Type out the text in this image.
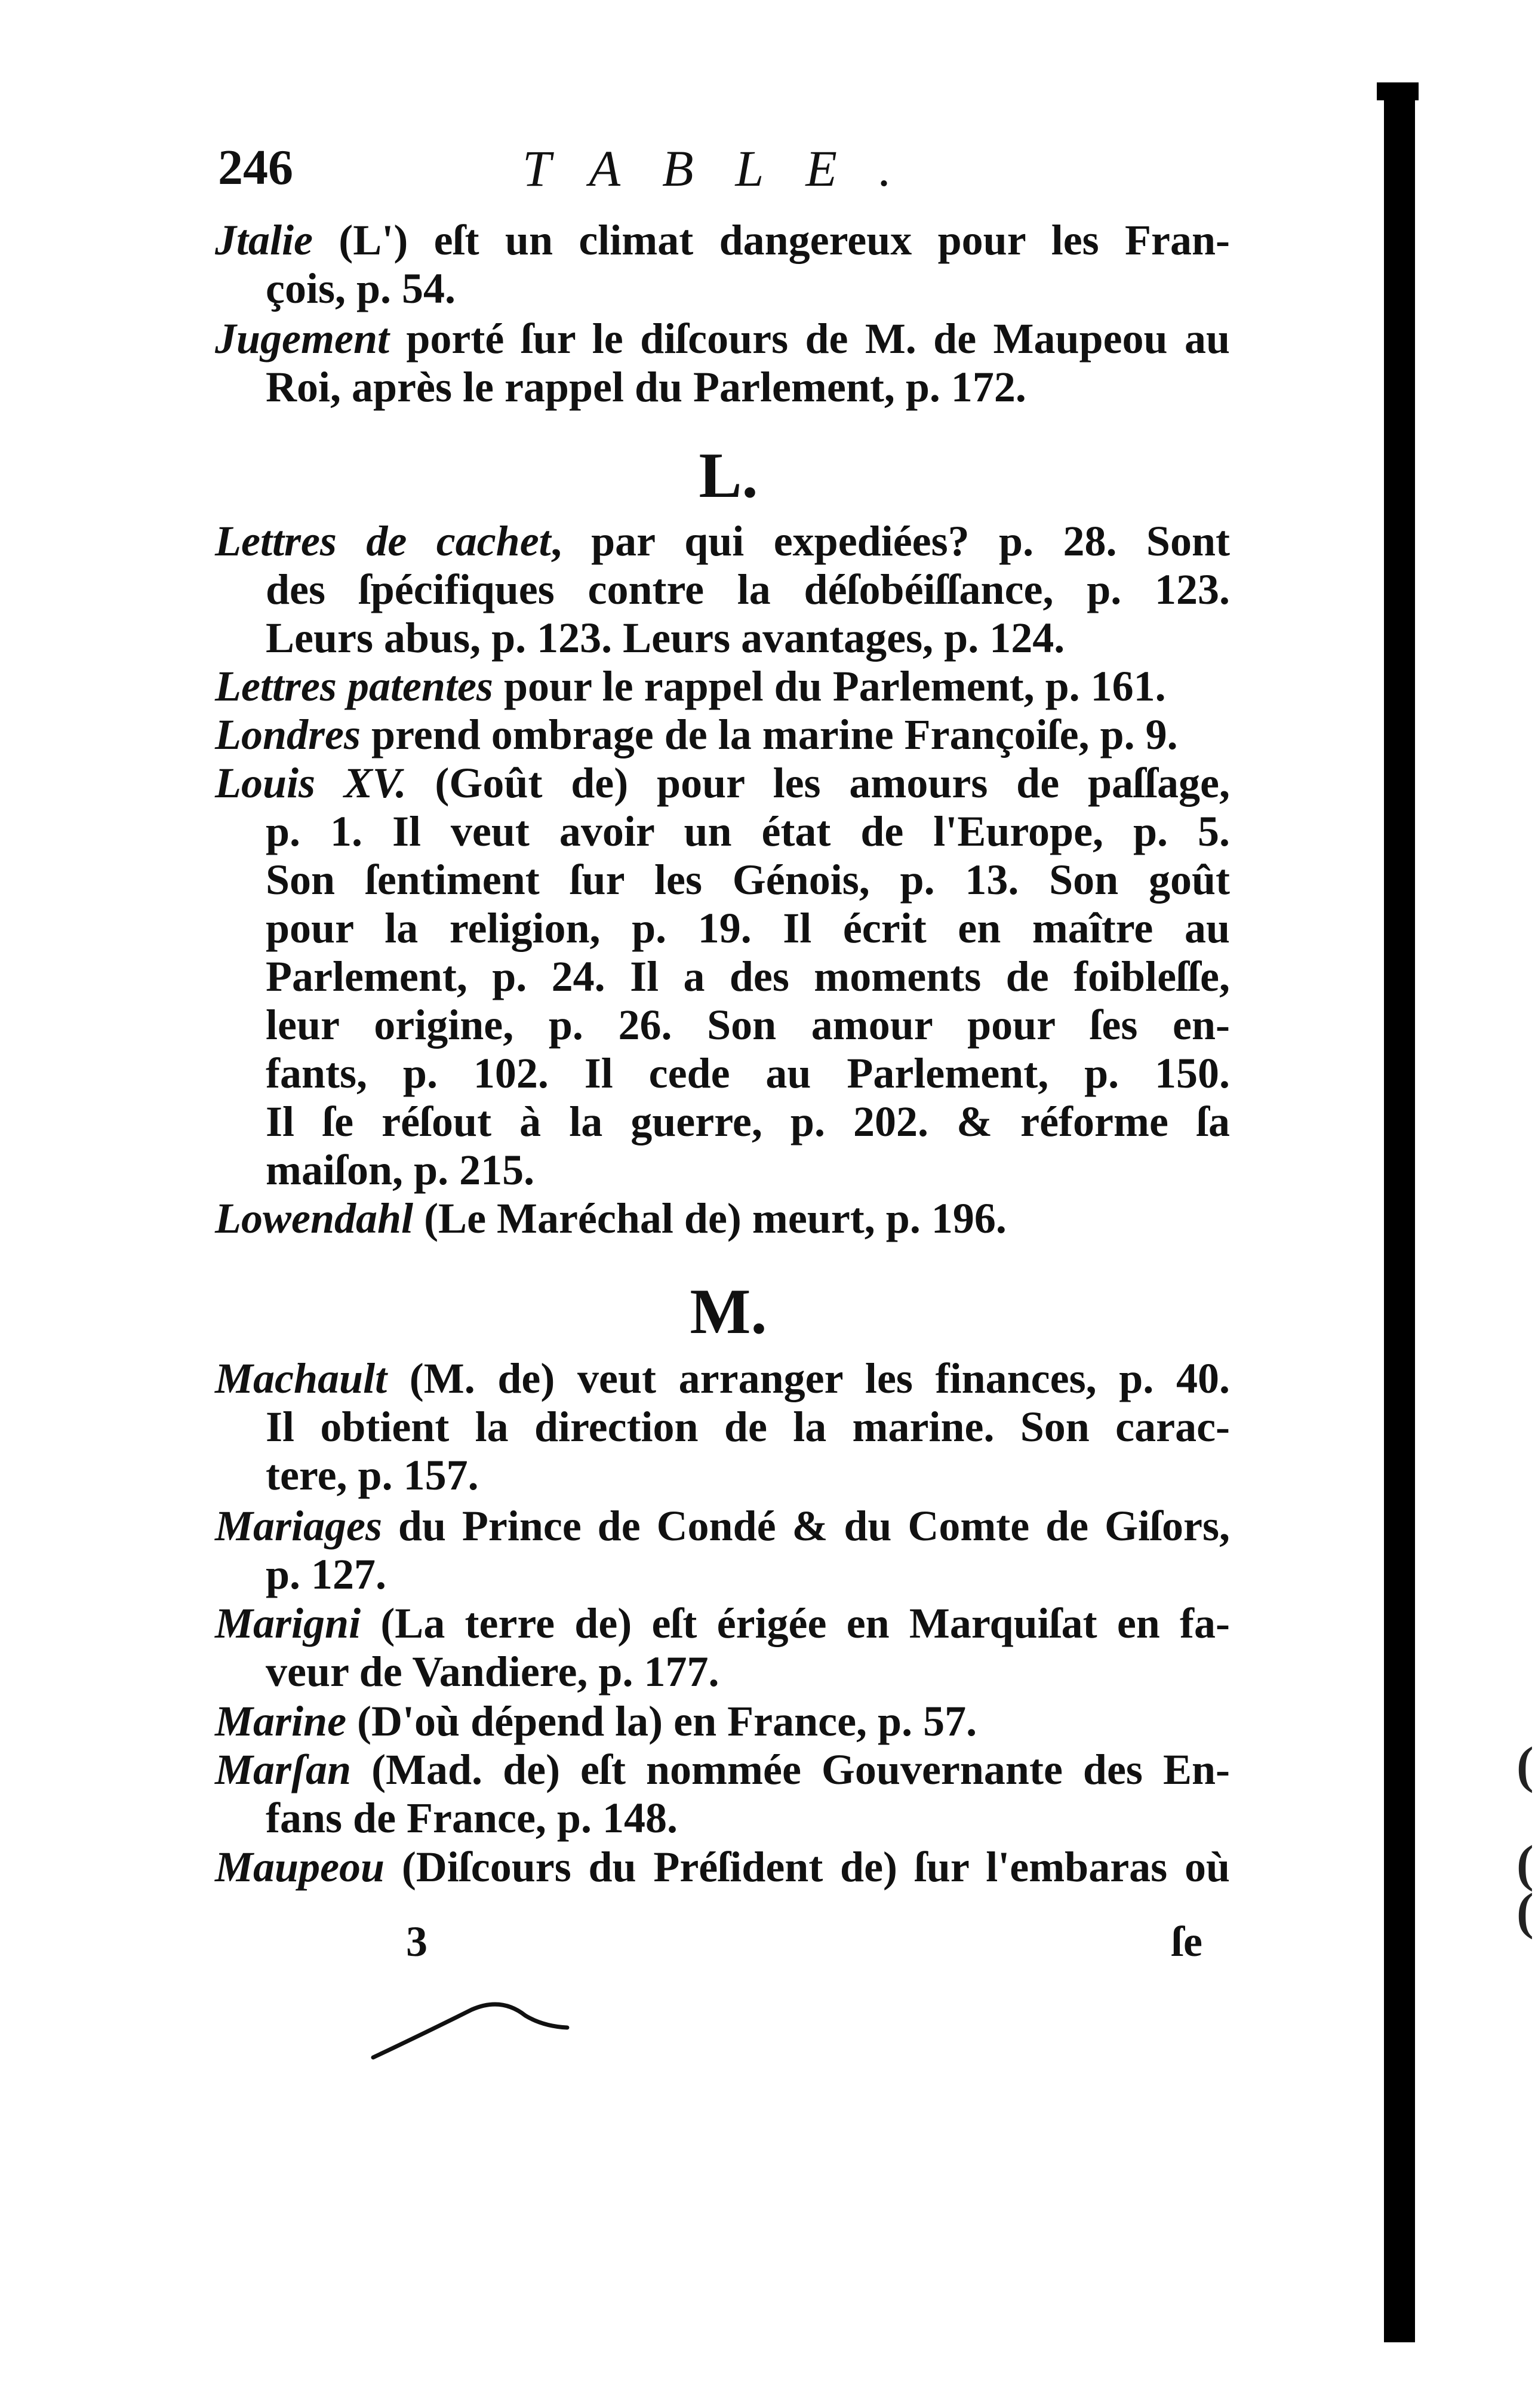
246	TABLE.
Jtalie (L') eſt un climat dangereux pour les Fran-
çois, p. 54.
Jugement porté ſur le diſcours de M. de Maupeou au
Roi, après le rappel du Parlement, p. 172.
L.
Lettres de cachet, par qui expediées? p. 28. Sont
des ſpécifiques contre la déſobéiſſance, p. 123.
Leurs abus, p. 123. Leurs avantages, p. 124.
Lettres patentes pour le rappel du Parlement, p. 161.
Londres prend ombrage de la marine Françoiſe, p. 9.
Louis XV. (Goût de) pour les amours de paſſage,
p. 1. Il veut avoir un état de l'Europe, p. 5.
Son ſentiment ſur les Génois, p. 13. Son goût
pour la religion, p. 19. Il écrit en maître au
Parlement, p. 24. Il a des moments de foibleſſe,
leur origine, p. 26. Son amour pour ſes en-
fants, p. 102. Il cede au Parlement, p. 150.
Il ſe réſout à la guerre, p. 202. & réforme ſa
maiſon, p. 215.
Lowendahl (Le Maréchal de) meurt, p. 196.
M.
Machault (M. de) veut arranger les finances, p. 40.
Il obtient la direction de la marine. Son carac-
tere, p. 157.
Mariages du Prince de Condé & du Comte de Giſors,
p. 127.
Marigni (La terre de) eſt érigée en Marquiſat en fa-
veur de Vandiere, p. 177.
Marine (D'où dépend la) en France, p. 57.
Marſan (Mad. de) eſt nommée Gouvernante des En-
fans de France, p. 148.
Maupeou (Diſcours du Préſident de) ſur l'embaras où
3	ſe
(
(
(
